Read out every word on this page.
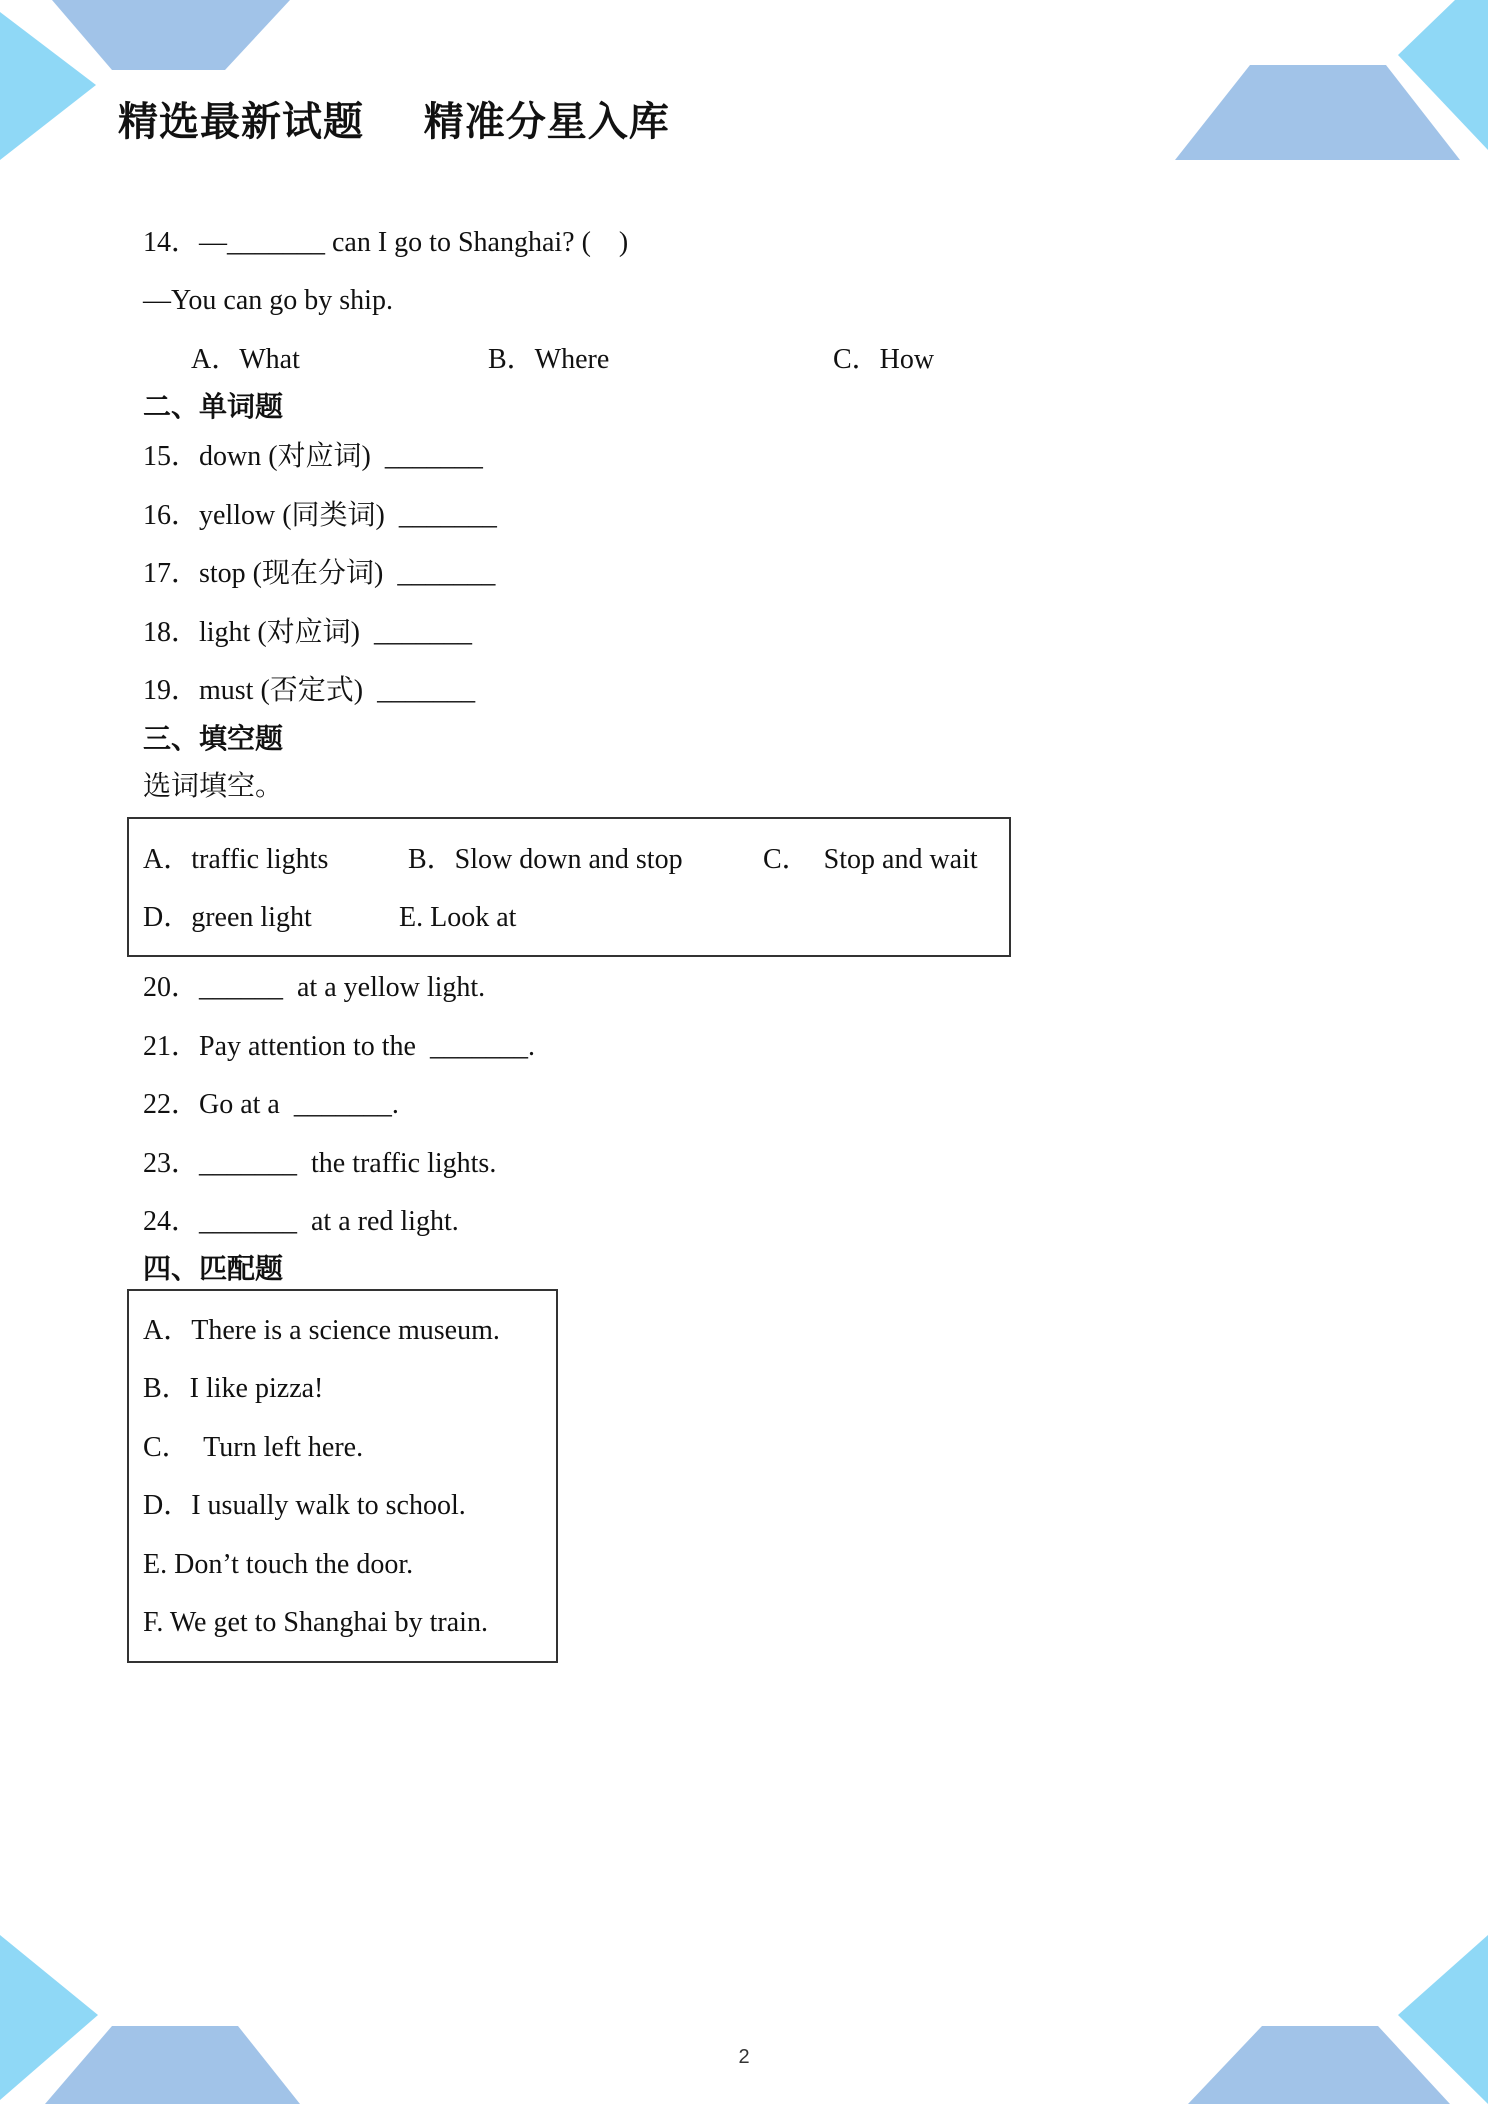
精选最新试题    精准分星入库
14．—_______ can I go to Shanghai? (    )
—You can go by ship.
A．What	B．Where	C．How
二、单词题
15．down (对应词)  _______
16．yellow (同类词)  _______
17．stop (现在分词)  _______
18．light (对应词)  _______
19．must (否定式)  _______
三、填空题
选词填空。
A．traffic lights	B．Slow down and stop	C．  Stop and wait
D．green light	E. Look at
20．______  at a yellow light.
21．Pay attention to the  _______.
22．Go at a  _______.
23．_______  the traffic lights.
24．_______  at a red light.
四、匹配题
A．There is a science museum.
B．I like pizza!
C．  Turn left here.
D．I usually walk to school.
E. Don’t touch the door.
F. We get to Shanghai by train.
2
